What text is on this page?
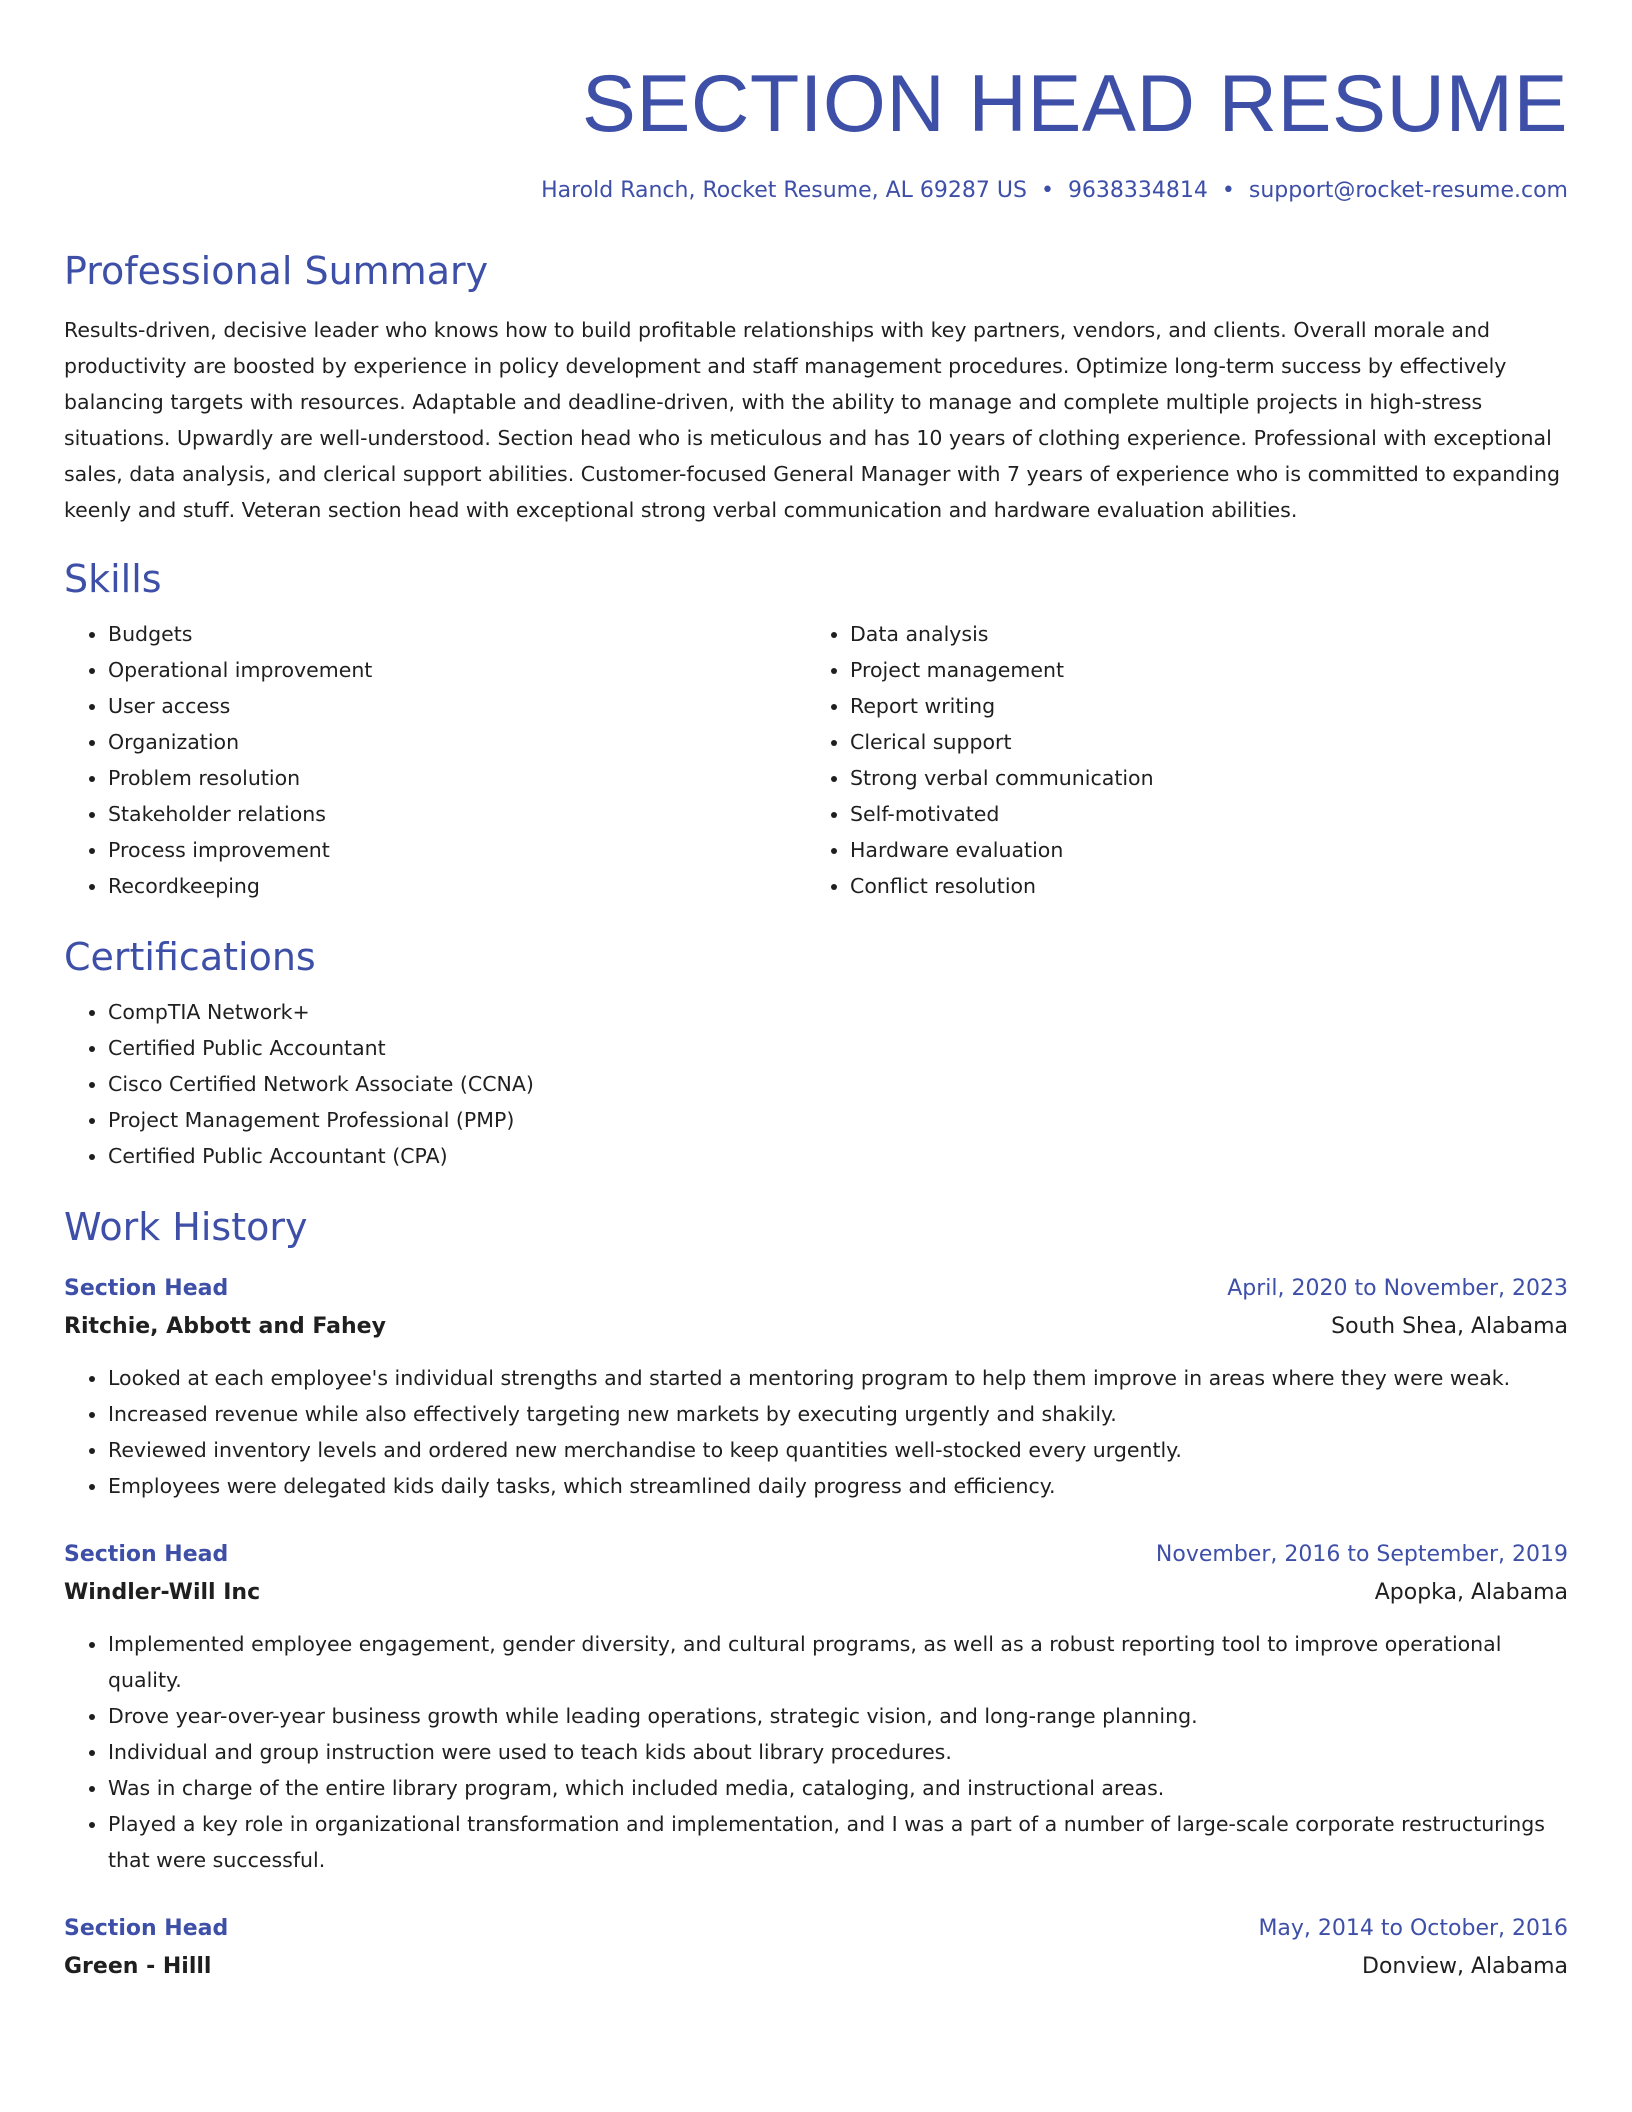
SECTION HEAD RESUME
Harold Ranch, Rocket Resume, AL 69287 US • 9638334814 • support@rocket-resume.com
Professional Summary

Results-driven, decisive leader who knows how to build profitable relationships with key partners, vendors, and clients. Overall morale and productivity are boosted by experience in policy development and staff management procedures. Optimize long-term success by effectively balancing targets with resources. Adaptable and deadline-driven, with the ability to manage and complete multiple projects in high-stress situations. Upwardly are well-understood. Section head who is meticulous and has 10 years of clothing experience. Professional with exceptional sales, data analysis, and clerical support abilities. Customer-focused General Manager with 7 years of experience who is committed to expanding keenly and stuff. Veteran section head with exceptional strong verbal communication and hardware evaluation abilities.

Skills
• Budgets
• Operational improvement
• User access
• Organization
• Problem resolution
• Stakeholder relations
• Process improvement
• Recordkeeping
• Data analysis
• Project management
• Report writing
• Clerical support
• Strong verbal communication
• Self-motivated
• Hardware evaluation
• Conflict resolution
Certifications
• CompTIA Network+
• Certified Public Accountant
• Cisco Certified Network Associate (CCNA)
• Project Management Professional (PMP)
• Certified Public Accountant (CPA)
Work History
Section Head	April, 2020 to November, 2023
Ritchie, Abbott and Fahey	South Shea, Alabama
• Looked at each employee's individual strengths and started a mentoring program to help them improve in areas where they were weak.
• Increased revenue while also effectively targeting new markets by executing urgently and shakily.
• Reviewed inventory levels and ordered new merchandise to keep quantities well-stocked every urgently.
• Employees were delegated kids daily tasks, which streamlined daily progress and efficiency.
Section Head	November, 2016 to September, 2019
Windler-Will Inc	Apopka, Alabama
• Implemented employee engagement, gender diversity, and cultural programs, as well as a robust reporting tool to improve operational quality.
• Drove year-over-year business growth while leading operations, strategic vision, and long-range planning.
• Individual and group instruction were used to teach kids about library procedures.
• Was in charge of the entire library program, which included media, cataloging, and instructional areas.
• Played a key role in organizational transformation and implementation, and I was a part of a number of large-scale corporate restructurings that were successful.
Section Head	May, 2014 to October, 2016
Green - Hilll	Donview, Alabama
